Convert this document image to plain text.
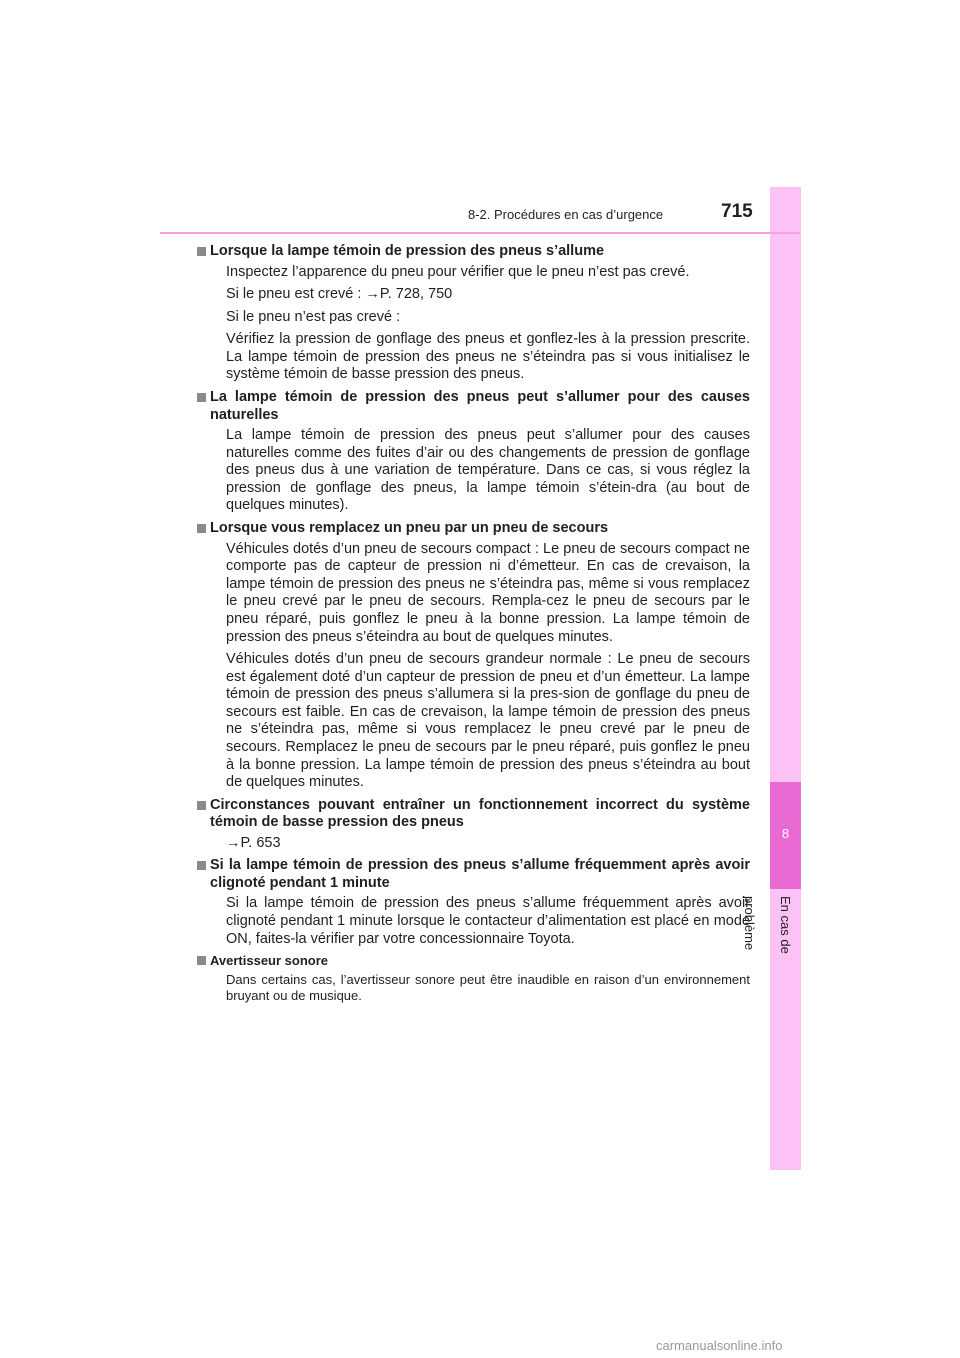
8
En cas de problème
8-2. Procédures en cas d’urgence	715
Lorsque la lampe témoin de pression des pneus s’allume

Inspectez l’apparence du pneu pour vérifier que le pneu n’est pas crevé.

Si le pneu est crevé : →P. 728, 750

Si le pneu n’est pas crevé :

Vérifiez la pression de gonflage des pneus et gonflez-les à la pression prescrite. La lampe témoin de pression des pneus ne s’éteindra pas si vous initialisez le système témoin de basse pression des pneus.

La lampe témoin de pression des pneus peut s’allumer pour des causes naturelles

La lampe témoin de pression des pneus peut s’allumer pour des causes naturelles comme des fuites d’air ou des changements de pression de gonflage des pneus dus à une variation de température. Dans ce cas, si vous réglez la pression de gonflage des pneus, la lampe témoin s’étein-dra (au bout de quelques minutes).

Lorsque vous remplacez un pneu par un pneu de secours

Véhicules dotés d’un pneu de secours compact : Le pneu de secours compact ne comporte pas de capteur de pression ni d’émetteur. En cas de crevaison, la lampe témoin de pression des pneus ne s’éteindra pas, même si vous remplacez le pneu crevé par le pneu de secours. Rempla-cez le pneu de secours par le pneu réparé, puis gonflez le pneu à la bonne pression. La lampe témoin de pression des pneus s’éteindra au bout de quelques minutes.

Véhicules dotés d’un pneu de secours grandeur normale : Le pneu de secours est également doté d’un capteur de pression de pneu et d’un émetteur. La lampe témoin de pression des pneus s’allumera si la pres-sion de gonflage du pneu de secours est faible. En cas de crevaison, la lampe témoin de pression des pneus ne s’éteindra pas, même si vous remplacez le pneu crevé par le pneu de secours. Remplacez le pneu de secours par le pneu réparé, puis gonflez le pneu à la bonne pression. La lampe témoin de pression des pneus s’éteindra au bout de quelques minutes.

Circonstances pouvant entraîner un fonctionnement incorrect du système témoin de basse pression des pneus

→P. 653

Si la lampe témoin de pression des pneus s’allume fréquemment après avoir clignoté pendant 1 minute

Si la lampe témoin de pression des pneus s’allume fréquemment après avoir clignoté pendant 1 minute lorsque le contacteur d’alimentation est placé en mode ON, faites-la vérifier par votre concessionnaire Toyota.

Avertisseur sonore

Dans certains cas, l’avertisseur sonore peut être inaudible en raison d’un environnement bruyant ou de musique.

carmanualsonline.info
